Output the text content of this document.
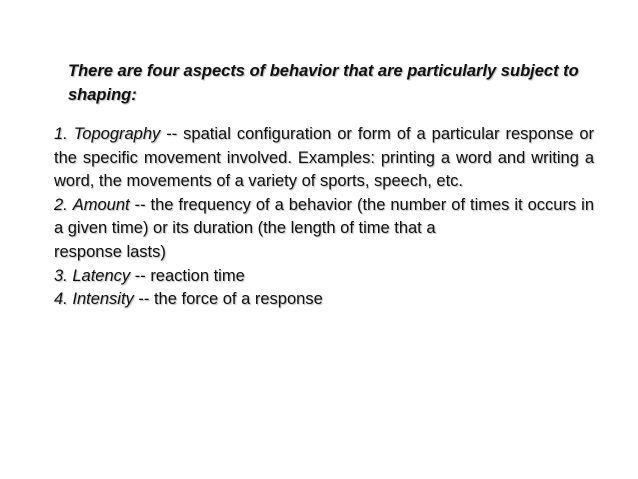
There are four aspects of behavior that are particularly subject to shaping:

1. Topography -- spatial configuration or form of a particular response or the specific movement involved. Examples: printing a word and writing a word, the movements of a variety of sports, speech, etc.

2. Amount -- the frequency of a behavior (the number of times it occurs in a given time) or its duration (the length of time that a

response lasts)

3. Latency -- reaction time

4. Intensity -- the force of a response
